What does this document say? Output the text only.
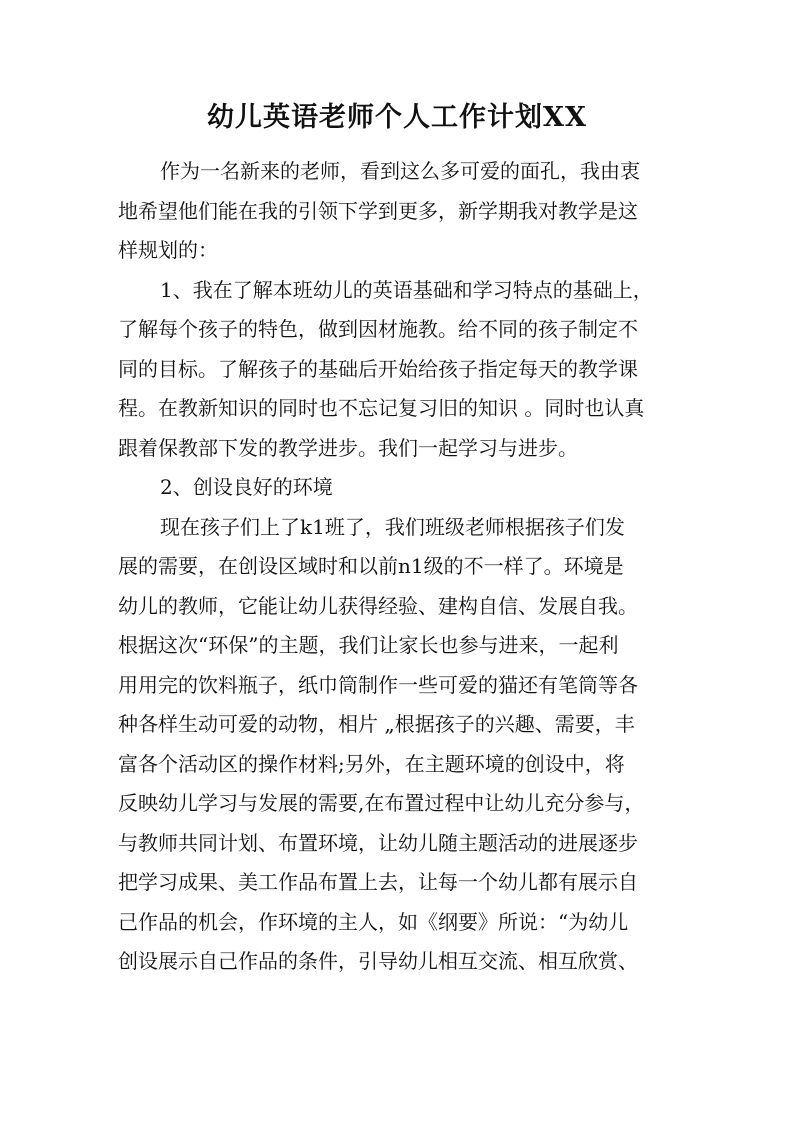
幼儿英语老师个人工作计划XX
作为一名新来的老师，看到这么多可爱的面孔，我由衷
地希望他们能在我的引领下学到更多，新学期我对教学是这
样规划的：
1、我在了解本班幼儿的英语基础和学习特点的基础上，
了解每个孩子的特色，做到因材施教。给不同的孩子制定不
同的目标。了解孩子的基础后开始给孩子指定每天的教学课
程。在教新知识的同时也不忘记复习旧的知识 。同时也认真
跟着保教部下发的教学进步。我们一起学习与进步。
2、创设良好的环境
现在孩子们上了k1班了，我们班级老师根据孩子们发
展的需要，在创设区域时和以前n1级的不一样了。环境是
幼儿的教师，它能让幼儿获得经验、建构自信、发展自我。
根据这次“环保”的主题，我们让家长也参与进来，一起利
用用完的饮料瓶子，纸巾筒制作一些可爱的猫还有笔筒等各
种各样生动可爱的动物，相片 „根据孩子的兴趣、需要，丰
富各个活动区的操作材料;另外，在主题环境的创设中，将
反映幼儿学习与发展的需要,在布置过程中让幼儿充分参与，
与教师共同计划、布置环境，让幼儿随主题活动的进展逐步
把学习成果、美工作品布置上去，让每一个幼儿都有展示自
己作品的机会，作环境的主人，如《纲要》所说：“为幼儿
创设展示自己作品的条件，引导幼儿相互交流、相互欣赏、
